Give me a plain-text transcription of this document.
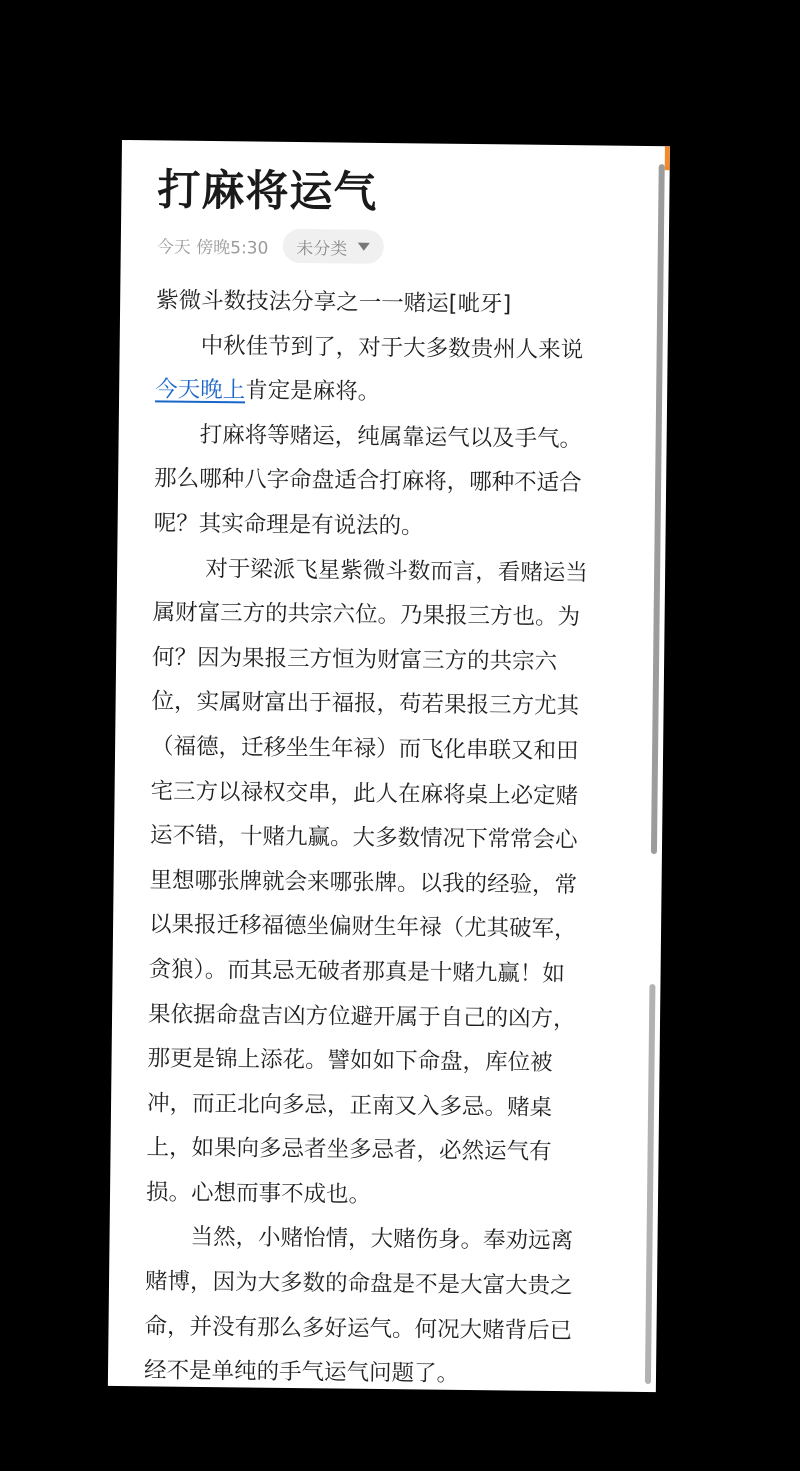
打麻将运气
今天 傍晚5:30 未分类

紫微斗数技法分享之一一赌运[呲牙]

　　中秋佳节到了，对于大多数贵州人来说

今天晚上肯定是麻将。

　　打麻将等赌运，纯属靠运气以及手气。

那么哪种八字命盘适合打麻将，哪种不适合

呢？其实命理是有说法的。

　　 对于梁派飞星紫微斗数而言，看赌运当

属财富三方的共宗六位。乃果报三方也。为

何？因为果报三方恒为财富三方的共宗六

位，实属财富出于福报，苟若果报三方尤其

（福德，迁移坐生年禄）而飞化串联又和田

宅三方以禄权交串，此人在麻将桌上必定赌

运不错，十赌九赢。大多数情况下常常会心

里想哪张牌就会来哪张牌。以我的经验，常

以果报迁移福德坐偏财生年禄（尤其破军，

贪狼）。而其忌无破者那真是十赌九赢！如

果依据命盘吉凶方位避开属于自己的凶方，

那更是锦上添花。譬如如下命盘，库位被

冲，而正北向多忌，正南又入多忌。赌桌

上，如果向多忌者坐多忌者，必然运气有

损。心想而事不成也。

　　当然，小赌怡情，大赌伤身。奉劝远离

赌博，因为大多数的命盘是不是大富大贵之

命，并没有那么多好运气。何况大赌背后已

经不是单纯的手气运气问题了。
